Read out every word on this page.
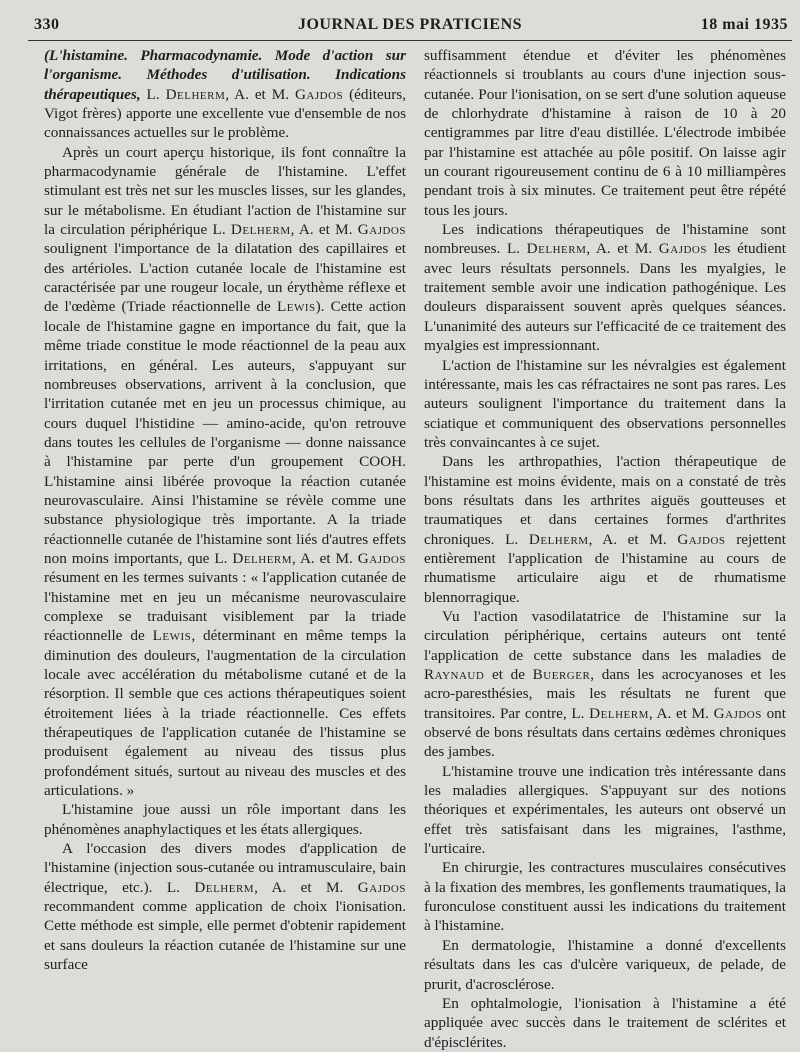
330	JOURNAL DES PRATICIENS	18 mai 1935

(L'histamine. Pharmacodynamie. Mode d'action sur l'organisme. Méthodes d'utilisation. Indications thérapeutiques, L. Delherm, A. et M. Gajdos (éditeurs, Vigot frères) apporte une excellente vue d'ensemble de nos connaissances actuelles sur le problème.

Après un court aperçu historique, ils font connaître la pharmacodynamie générale de l'histamine. L'effet stimulant est très net sur les muscles lisses, sur les glandes, sur le métabolisme. En étudiant l'action de l'histamine sur la circulation périphérique L. Delherm, A. et M. Gajdos soulignent l'importance de la dilatation des capillaires et des artérioles. L'action cutanée locale de l'histamine est caractérisée par une rougeur locale, un érythème réflexe et de l'œdème (Triade réactionnelle de Lewis). Cette action locale de l'histamine gagne en importance du fait, que la même triade constitue le mode réactionnel de la peau aux irritations, en général. Les auteurs, s'appuyant sur nombreuses observations, arrivent à la conclusion, que l'irritation cutanée met en jeu un processus chimique, au cours duquel l'histidine — amino-acide, qu'on retrouve dans toutes les cellules de l'organisme — donne naissance à l'histamine par perte d'un groupement COOH. L'histamine ainsi libérée provoque la réaction cutanée neurovasculaire. Ainsi l'histamine se révèle comme une substance physiologique très importante. A la triade réactionnelle cutanée de l'histamine sont liés d'autres effets non moins importants, que L. Delherm, A. et M. Gajdos résument en les termes suivants : « l'application cutanée de l'histamine met en jeu un mécanisme neurovasculaire complexe se traduisant visiblement par la triade réactionnelle de Lewis, déterminant en même temps la diminution des douleurs, l'augmentation de la circulation locale avec accélération du métabolisme cutané et de la résorption. Il semble que ces actions thérapeutiques soient étroitement liées à la triade réactionnelle. Ces effets thérapeutiques de l'application cutanée de l'histamine se produisent également au niveau des tissus plus profondément situés, surtout au niveau des muscles et des articulations. »

L'histamine joue aussi un rôle important dans les phénomènes anaphylactiques et les états allergiques.

A l'occasion des divers modes d'application de l'histamine (injection sous-cutanée ou intramusculaire, bain électrique, etc.). L. Delherm, A. et M. Gajdos recommandent comme application de choix l'ionisation. Cette méthode est simple, elle permet d'obtenir rapidement et sans douleurs la réaction cutanée de l'histamine sur une surface

suffisamment étendue et d'éviter les phénomènes réactionnels si troublants au cours d'une injection sous-cutanée. Pour l'ionisation, on se sert d'une solution aqueuse de chlorhydrate d'histamine à raison de 10 à 20 centigrammes par litre d'eau distillée. L'électrode imbibée par l'histamine est attachée au pôle positif. On laisse agir un courant rigoureusement continu de 6 à 10 milliampères pendant trois à six minutes. Ce traitement peut être répété tous les jours.

Les indications thérapeutiques de l'histamine sont nombreuses. L. Delherm, A. et M. Gajdos les étudient avec leurs résultats personnels. Dans les myalgies, le traitement semble avoir une indication pathogénique. Les douleurs disparaissent souvent après quelques séances. L'unanimité des auteurs sur l'efficacité de ce traitement des myalgies est impressionnant.

L'action de l'histamine sur les névralgies est également intéressante, mais les cas réfractaires ne sont pas rares. Les auteurs soulignent l'importance du traitement dans la sciatique et communiquent des observations personnelles très convaincantes à ce sujet.

Dans les arthropathies, l'action thérapeutique de l'histamine est moins évidente, mais on a constaté de très bons résultats dans les arthrites aiguës goutteuses et traumatiques et dans certaines formes d'arthrites chroniques. L. Delherm, A. et M. Gajdos rejettent entièrement l'application de l'histamine au cours de rhumatisme articulaire aigu et de rhumatisme blennorragique.

Vu l'action vasodilatatrice de l'histamine sur la circulation périphérique, certains auteurs ont tenté l'application de cette substance dans les maladies de Raynaud et de Buerger, dans les acrocyanoses et les acro-paresthésies, mais les résultats ne furent que transitoires. Par contre, L. Delherm, A. et M. Gajdos ont observé de bons résultats dans certains œdèmes chroniques des jambes.

L'histamine trouve une indication très intéressante dans les maladies allergiques. S'appuyant sur des notions théoriques et expérimentales, les auteurs ont observé un effet très satisfaisant dans les migraines, l'asthme, l'urticaire.

En chirurgie, les contractures musculaires consécutives à la fixation des membres, les gonflements traumatiques, la furonculose constituent aussi les indications du traitement à l'histamine.

En dermatologie, l'histamine a donné d'excellents résultats dans les cas d'ulcère variqueux, de pelade, de prurit, d'acrosclérose.

En ophtalmologie, l'ionisation à l'histamine a été appliquée avec succès dans le traitement de sclérites et d'épisclérites.
